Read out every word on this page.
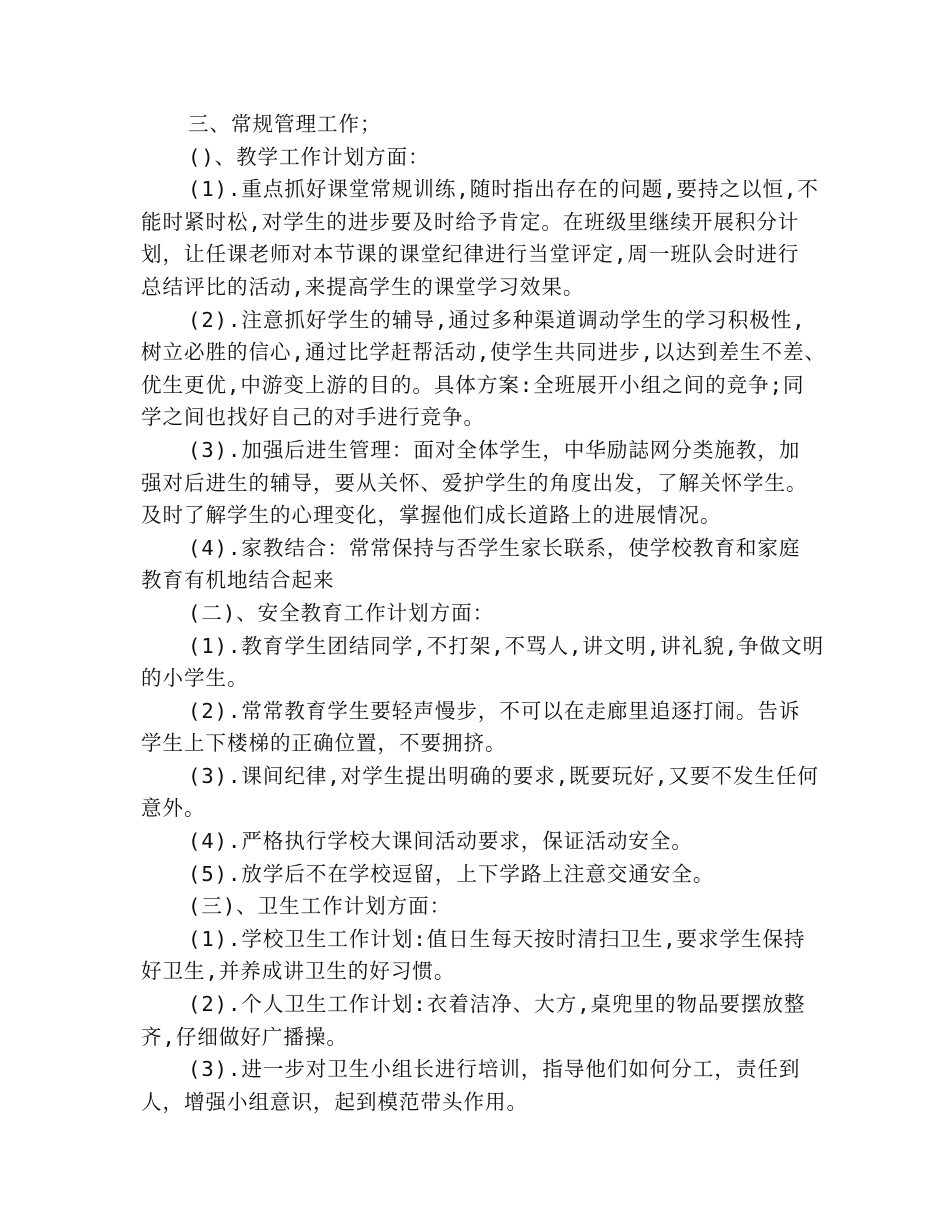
三、常规管理工作；

()、教学工作计划方面：

(1).重点抓好课堂常规训练,随时指出存在的问题,要持之以恒,不
能时紧时松,对学生的进步要及时给予肯定。在班级里继续开展积分计
划，让任课老师对本节课的课堂纪律进行当堂评定,周一班队会时进行
总结评比的活动,来提高学生的课堂学习效果。

(2).注意抓好学生的辅导,通过多种渠道调动学生的学习积极性,
树立必胜的信心,通过比学赶帮活动,使学生共同进步,以达到差生不差、
优生更优,中游变上游的目的。具体方案:全班展开小组之间的竞争;同
学之间也找好自己的对手进行竞争。

(3).加强后进生管理：面对全体学生，中华励誌网分类施教，加
强对后进生的辅导，要从关怀、爱护学生的角度出发，了解关怀学生。
及时了解学生的心理变化，掌握他们成长道路上的进展情况。

(4).家教结合：常常保持与否学生家长联系，使学校教育和家庭
教育有机地结合起来

(二)、安全教育工作计划方面：

(1).教育学生团结同学,不打架,不骂人,讲文明,讲礼貌,争做文明
的小学生。

(2).常常教育学生要轻声慢步，不可以在走廊里追逐打闹。告诉
学生上下楼梯的正确位置，不要拥挤。

(3).课间纪律,对学生提出明确的要求,既要玩好,又要不发生任何
意外。

(4).严格执行学校大课间活动要求，保证活动安全。

(5).放学后不在学校逗留，上下学路上注意交通安全。

(三)、卫生工作计划方面：

(1).学校卫生工作计划:值日生每天按时清扫卫生,要求学生保持
好卫生,并养成讲卫生的好习惯。

(2).个人卫生工作计划:衣着洁净、大方,桌兜里的物品要摆放整
齐,仔细做好广播操。

(3).进一步对卫生小组长进行培训，指导他们如何分工，责任到
人，增强小组意识，起到模范带头作用。
